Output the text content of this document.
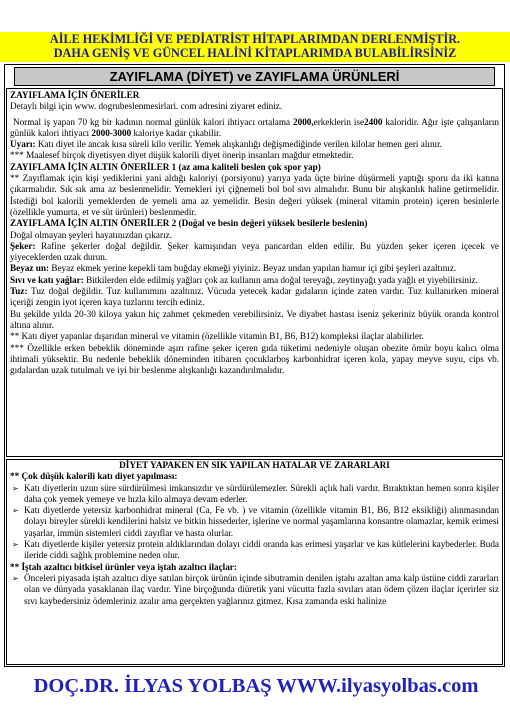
AİLE HEKİMLİĞİ VE PEDİATRİST HİTAPLARIMDAN DERLENMİŞTİR.
DAHA GENİŞ VE GÜNCEL HALİNİ KİTAPLARIMDA BULABİLİRSİNİZ
ZAYIFLAMA (DİYET) ve ZAYIFLAMA ÜRÜNLERİ

ZAYIFLAMA İÇİN ÖNERİLER

Detaylı bilgi için www. dogrubeslenmesirlari. com adresini ziyaret ediniz.

Normal iş yapan 70 kg bir kadının normal günlük kalori ihtiyacı ortalama 2000,erkeklerin ise2400 kaloridir. Ağır işte çalışanların günlük kalori ihtiyacı 2000-3000 kaloriye kadar çıkabilir.

Uyarı: Katı diyet ile ancak kısa süreli kilo verilir. Yemek alışkanlığı değişmediğinde verilen kilolar hemen geri alınır.

*** Maalesef birçok diyetisyen diyet düşük kalorili diyet önerip insanları mağdur etmektedir.

ZAYIFLAMA İÇİN ALTIN ÖNERİLER 1 (az ama kaliteli beslen çok spor yap)

** Zayıflamak için kişi yediklerini yani aldığı kaloriyi (porsiyonu) yarıya yada üçte birine düşürmeli yaptığı sporu da iki katına çıkarmalıdır. Sık sık ama az beslenmelidir. Yemekleri iyi çiğnemeli bol bol sıvı almalıdır. Bunu bir alışkanlık haline getirmelidir. İstediği bol kalorili yemeklerden de yemeli ama az yemelidir. Besin değeri yüksek (mineral vitamin protein) içeren besinlerle (özellikle yumurta, et ve süt ürünleri) beslenmedir.

ZAYIFLAMA İÇİN ALTIN ÖNERİLER 2 (Doğal ve besin değeri yüksek besilerle beslenin)

Doğal olmayan şeyleri hayatınızdan çıkarız.

Şeker: Rafine şekerler doğal değildir. Şeker kamışından veya pancardan elden edilir. Bu yüzden şeker içeren içecek ve yiyeceklerden uzak durun.

Beyaz un: Beyaz ekmek yerine kepekli tam buğday ekmeği yiyiniz. Beyaz undan yapılan hamur içi gibi şeyleri azaltınız.

Sıvı ve katı yağlar: Bitkilerden elde edilmiş yağları çok az kullanın ama doğal tereyağı, zeytinyağı yada yağlı et yiyebilirsiniz.

Tuz: Tuz doğal değildir. Tuz kullanımını azaltınız. Vücuda yetecek kadar gıdaların içinde zaten vardır. Tuz kullanırken mineral içeriği zengin iyot içeren kaya tuzlarını tercih ediniz.

Bu şekilde yılda 20-30 kiloya yakın hiç zahmet çekmeden verebilirsiniz. Ve diyabet hastası iseniz şekeriniz büyük oranda kontrol altına alınır.

** Katı diyet yapanlar dışarıdan mineral ve vitamin (özellikle vitamin B1, B6, B12) kompleksi ilaçlar alabilirler.

*** Özellikle erken bebeklik döneminde aşırı rafine şeker içeren gıda tüketimi nedeniyle oluşan obezite ömür boyu kalıcı olma ihtimali yüksektir. Bu nedenle bebeklik döneminden itibaren çocuklarboş karbonhidrat içeren kola, yapay meyve suyu, cips vb. gıdalardan uzak tutulmalı ve iyi bir beslenme alışkanlığı kazandırılmalıdır.

DİYET YAPAKEN EN SIK YAPILAN HATALAR VE ZARARLARI

** Çok düşük kalorili katı diyet yapılması:

➢ Katı diyetlerin uzun süre sürdürülmesi imkansızdır ve sürdürülemezler. Sürekli açlık hali vardır. Bıraktıktan hemen sonra kişiler daha çok yemek yemeye ve hızla kilo almaya devam ederler.
➢ Katı diyetlerde yetersiz karbonhidrat mineral (Ca, Fe vb. ) ve vitamin (özellikle vitamin B1, B6, B12 eksikliği) alınmasından dolayı bireyler sürekli kendilerini halsiz ve bitkin hissederler, işlerine ve normal yaşamlarına konsantre olamazlar, kemik erimesi yaşarlar, immün sistemleri ciddi zayıflar ve hasta olurlar.
➢ Katı diyetlerde kişiler yetersiz protein aldıklarından dolayı ciddi oranda kas erimesi yaşarlar ve kas kütlelerini kaybederler. Buda ileride ciddi sağlık problemine neden olur.

** İştah azaltıcı bitkisel ürünler veya iştah azaltıcı ilaçlar:

➢ Önceleri piyasada iştah azaltıcı diye satılan birçok ürünün içinde sibutramin denilen iştahı azaltan ama kalp üstüne ciddi zararları olan ve dünyada yasaklanan ilaç vardır. Yine birçoğunda diüretik yani vücutta fazla sıvıları atan ödem çözen ilaçlar içerirler siz sıvı kaybedersiniz ödemleriniz azalır ama gerçekten yağlarınız gitmez. Kısa zamanda eski halinize
DOÇ.DR. İLYAS YOLBAŞ WWW.ilyasyolbas.com
